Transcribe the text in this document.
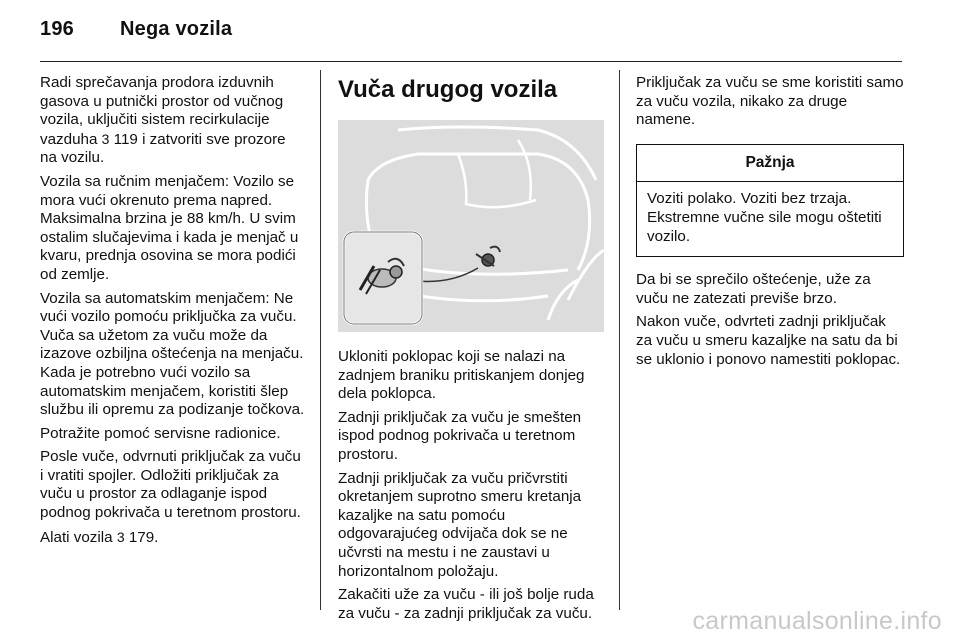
196 Nega vozila

Radi sprečavanja prodora izduvnih gasova u putnički prostor od vučnog vozila, uključiti sistem recirkulacije vazduha 3 119 i zatvoriti sve prozore na vozilu.

Vozila sa ručnim menjačem: Vozilo se mora vući okrenuto prema napred. Maksimalna brzina je 88 km/h. U svim ostalim slučajevima i kada je menjač u kvaru, prednja osovina se mora podići od zemlje.

Vozila sa automatskim menjačem: Ne vući vozilo pomoću priključka za vuču. Vuča sa užetom za vuču može da izazove ozbiljna oštećenja na menjaču. Kada je potrebno vući vozilo sa automatskim menjačem, koristiti šlep službu ili opremu za podizanje točkova.

Potražite pomoć servisne radionice.

Posle vuče, odvrnuti priključak za vuču i vratiti spojler. Odložiti priključak za vuču u prostor za odlaganje ispod podnog pokrivača u teretnom prostoru.

Alati vozila 3 179.

Vuča drugog vozila

Ukloniti poklopac koji se nalazi na zadnjem braniku pritiskanjem donjeg dela poklopca.

Zadnji priključak za vuču je smešten ispod podnog pokrivača u teretnom prostoru.

Zadnji priključak za vuču pričvrstiti okretanjem suprotno smeru kretanja kazaljke na satu pomoću odgovarajućeg odvijača dok se ne učvrsti na mestu i ne zaustavi u horizontalnom položaju.

Zakačiti uže za vuču - ili još bolje ruda za vuču - za zadnji priključak za vuču.

Priključak za vuču se sme koristiti samo za vuču vozila, nikako za druge namene.

Pažnja
Voziti polako. Voziti bez trzaja. Ekstremne vučne sile mogu oštetiti vozilo.

Da bi se sprečilo oštećenje, uže za vuču ne zatezati previše brzo.

Nakon vuče, odvrteti zadnji priključak za vuču u smeru kazaljke na satu da bi se uklonio i ponovo namestiti poklopac.

carmanualsonline.info
